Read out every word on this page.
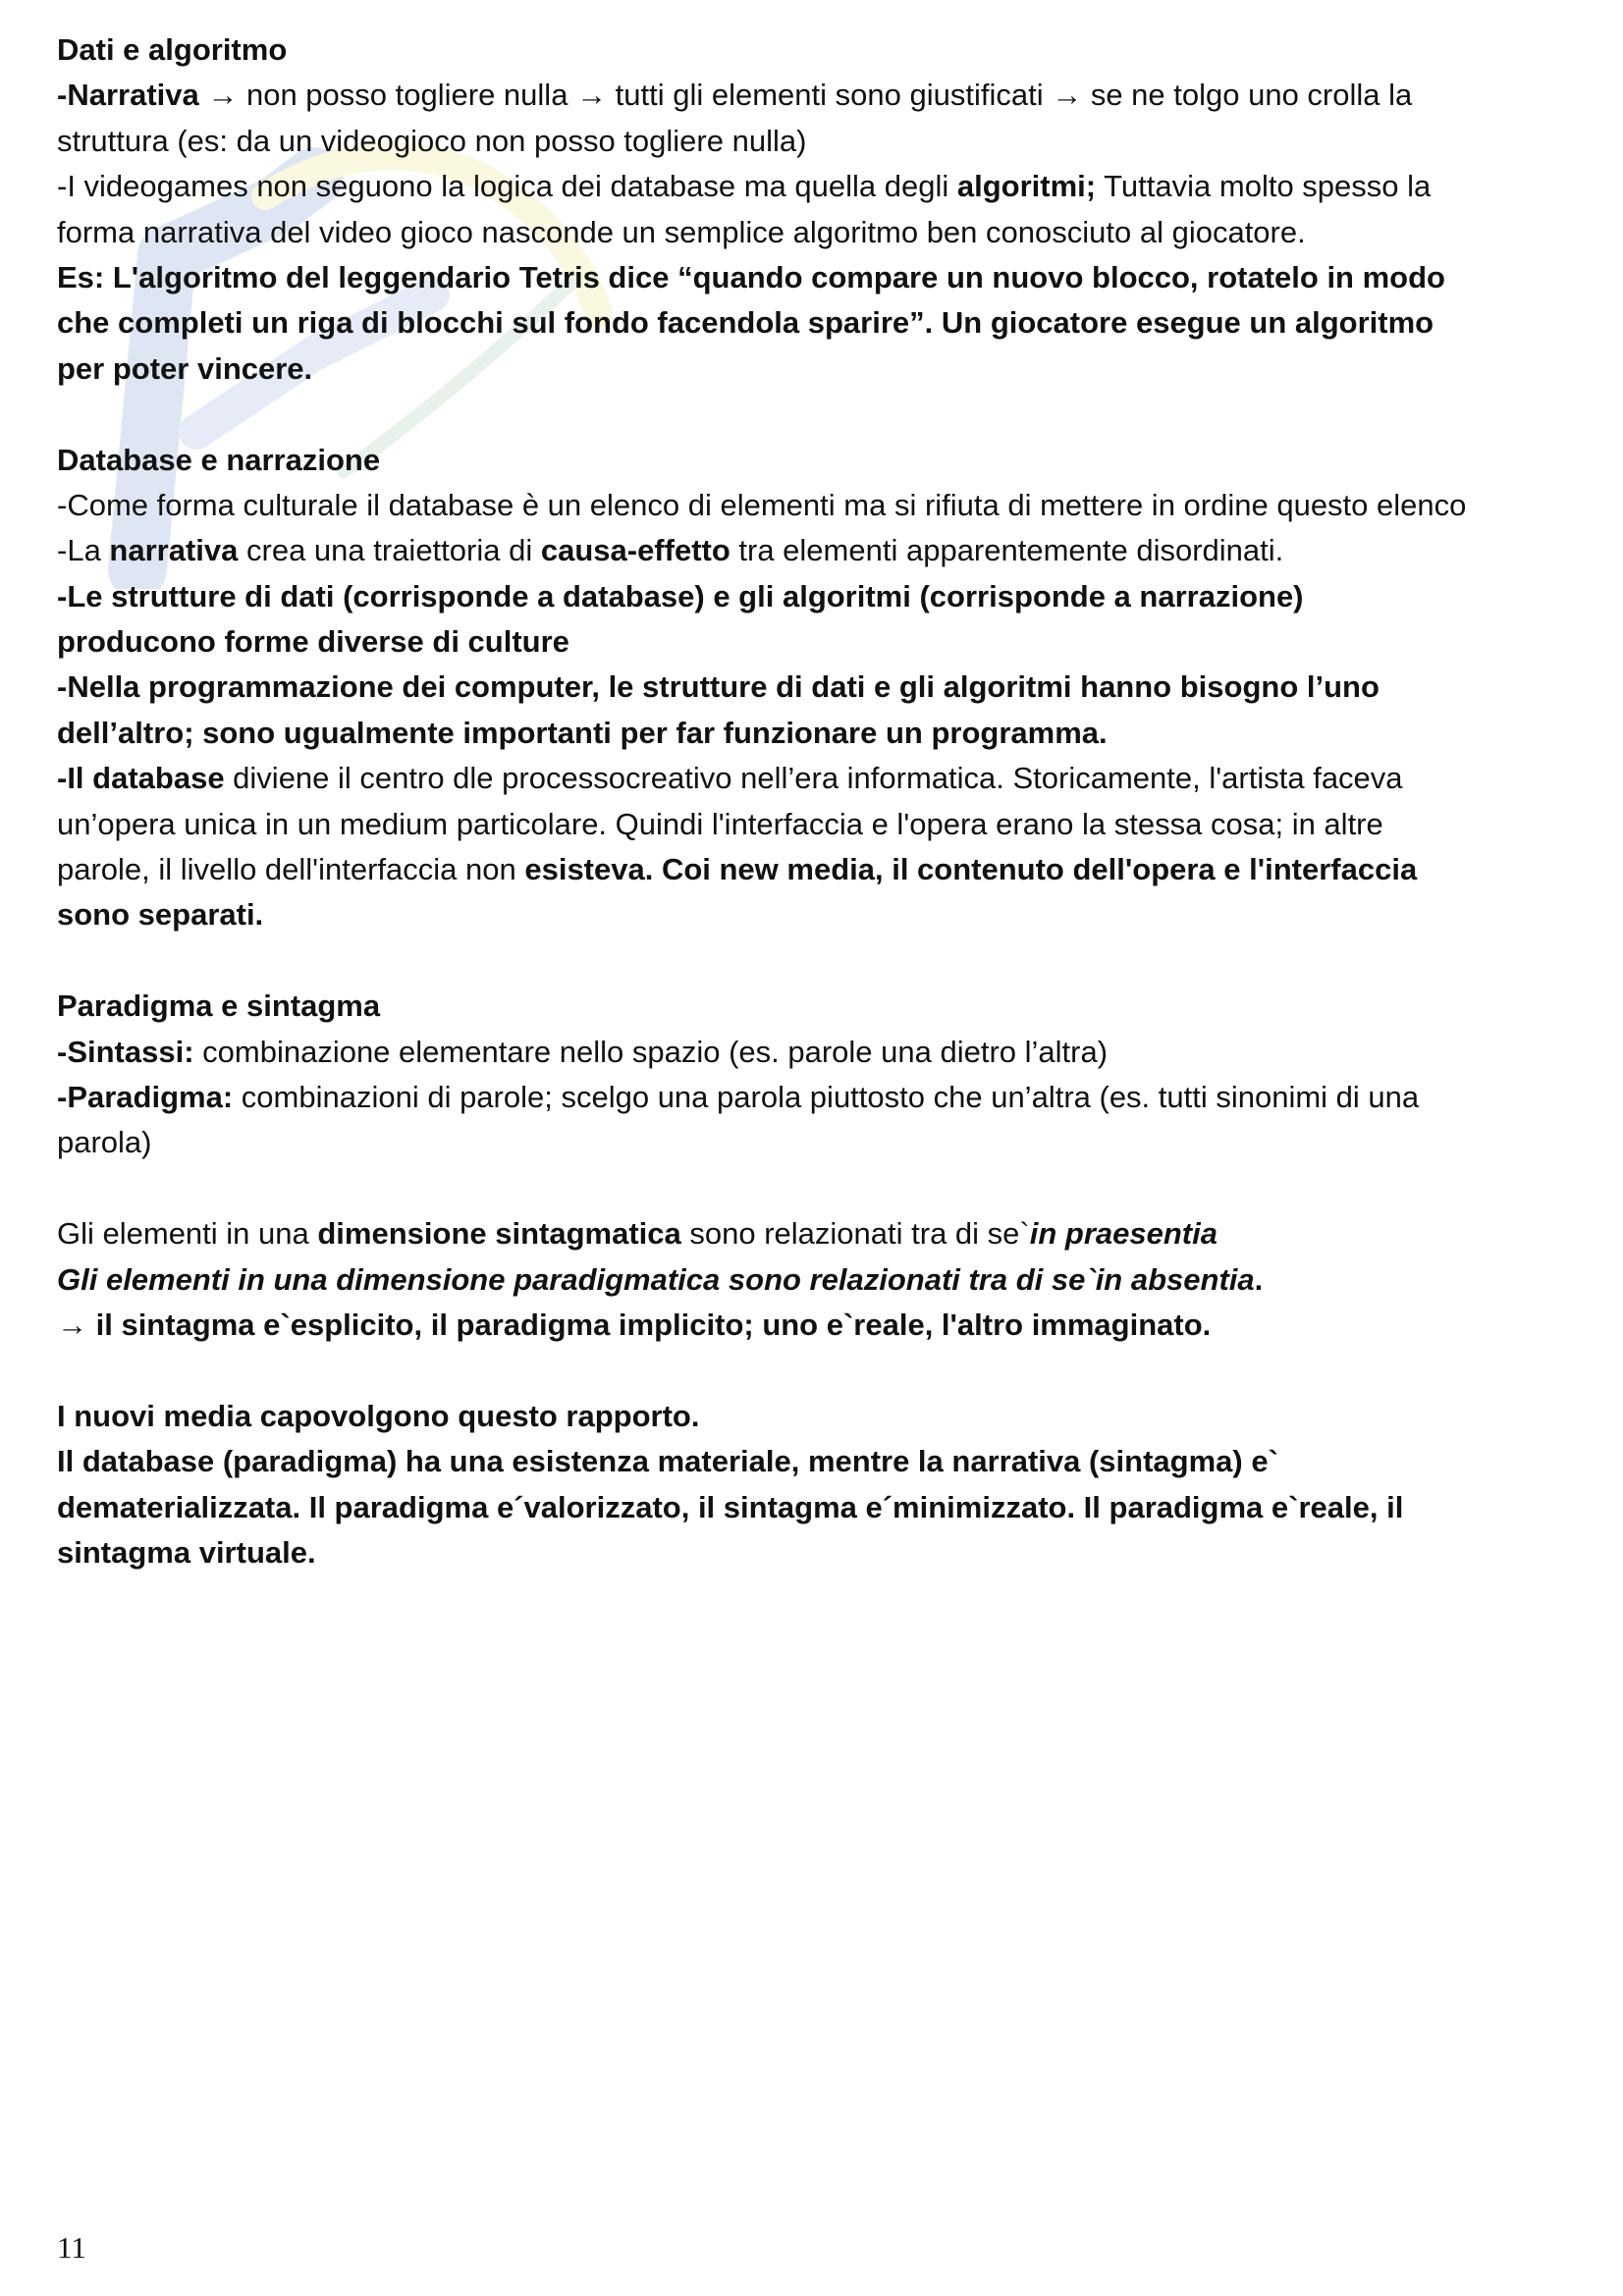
Dati e algoritmo
-Narrativa → non posso togliere nulla → tutti gli elementi sono giustificati → se ne tolgo uno crolla la
struttura (es: da un videogioco non posso togliere nulla)
-I videogames non seguono la logica dei database ma quella degli algoritmi; Tuttavia molto spesso la
forma narrativa del video gioco nasconde un semplice algoritmo ben conosciuto al giocatore.
Es: L'algoritmo del leggendario Tetris dice “quando compare un nuovo blocco, rotatelo in modo
che completi un riga di blocchi sul fondo facendola sparire”. Un giocatore esegue un algoritmo
per poter vincere.
Database e narrazione
-Come forma culturale il database è un elenco di elementi ma si rifiuta di mettere in ordine questo elenco
-La narrativa crea una traiettoria di causa-effetto tra elementi apparentemente disordinati.
-Le strutture di dati (corrisponde a database) e gli algoritmi (corrisponde a narrazione)
producono forme diverse di culture
-Nella programmazione dei computer, le strutture di dati e gli algoritmi hanno bisogno l’uno
dell’altro; sono ugualmente importanti per far funzionare un programma.
-Il database diviene il centro dle processocreativo nell’era informatica. Storicamente, l'artista faceva
un’opera unica in un medium particolare. Quindi l'interfaccia e l'opera erano la stessa cosa; in altre
parole, il livello dell'interfaccia non esisteva. Coi new media, il contenuto dell'opera e l'interfaccia
sono separati.
Paradigma e sintagma
-Sintassi: combinazione elementare nello spazio (es. parole una dietro l’altra)
-Paradigma: combinazioni di parole; scelgo una parola piuttosto che un’altra (es. tutti sinonimi di una
parola)
Gli elementi in una dimensione sintagmatica sono relazionati tra di se`in praesentia
Gli elementi in una dimensione paradigmatica sono relazionati tra di se`in absentia.
→ il sintagma e`esplicito, il paradigma implicito; uno e`reale, l'altro immaginato.
I nuovi media capovolgono questo rapporto.
Il database (paradigma) ha una esistenza materiale, mentre la narrativa (sintagma) e`
dematerializzata. Il paradigma e´valorizzato, il sintagma e´minimizzato. Il paradigma e`reale, il
sintagma virtuale.
11
